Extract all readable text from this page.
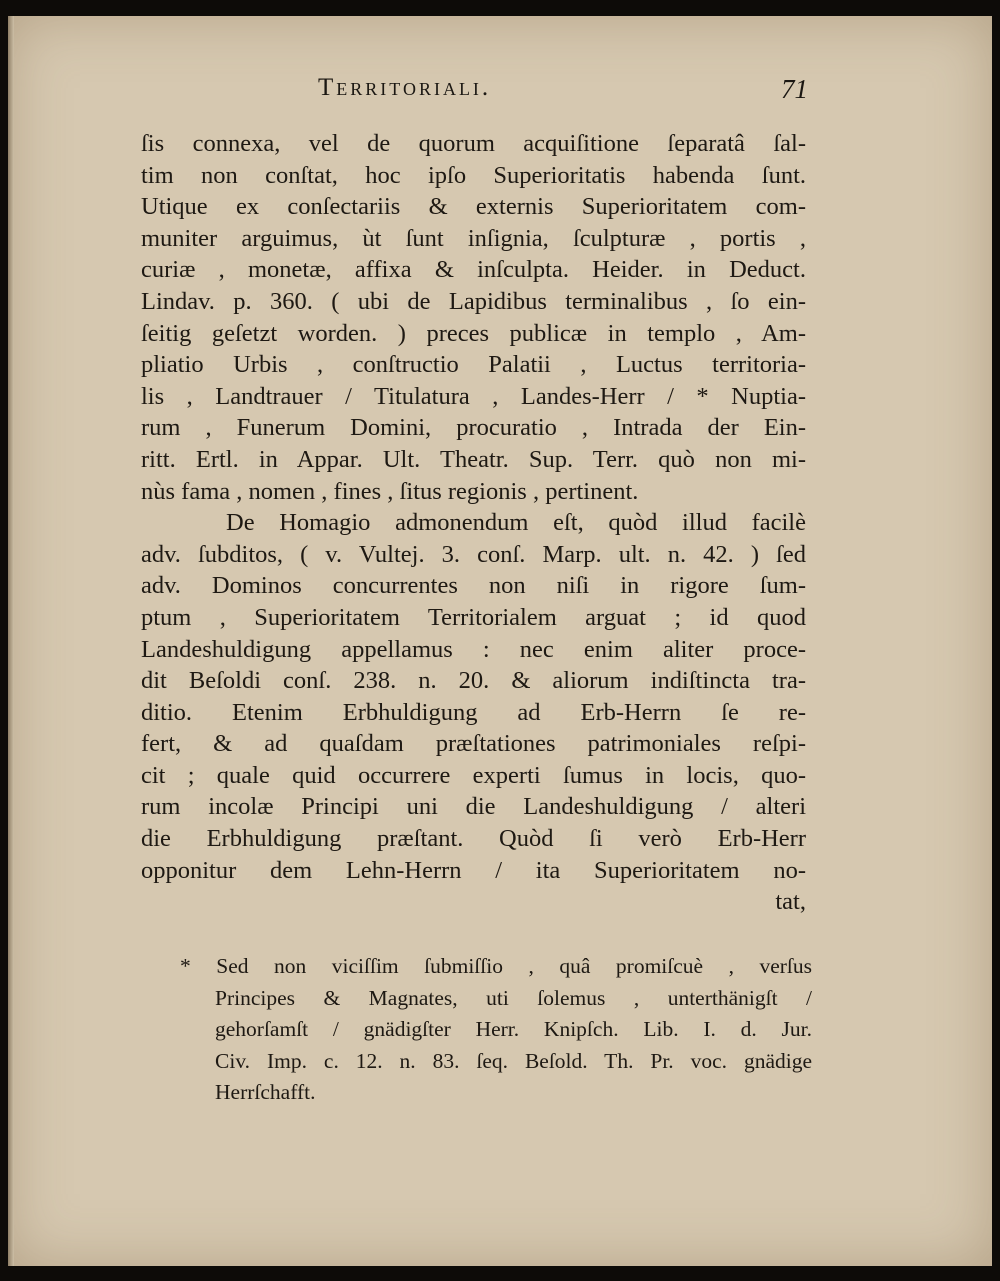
Territoriali.	71
ſis connexa, vel de quorum acquiſitione ſeparatâ ſal-
tim non conſtat, hoc ipſo Superioritatis habenda ſunt.
Utique ex conſectariis & externis Superioritatem com-
muniter arguimus, ùt ſunt inſignia, ſculpturæ , portis ,
curiæ , monetæ, affixa & inſculpta. Heider. in Deduct.
Lindav. p. 360. ( ubi de Lapidibus terminalibus , ſo ein-
ſeitig geſetzt worden. ) preces publicæ in templo , Am-
pliatio Urbis , conſtructio Palatii , Luctus territoria-
lis , Landtrauer / Titulatura , Landes-Herr / * Nuptia-
rum , Funerum Domini, procuratio , Intrada der Ein-
ritt. Ertl. in Appar. Ult. Theatr. Sup. Terr. quò non mi-
nùs fama , nomen , fines , ſitus regionis , pertinent.
De Homagio admonendum eſt, quòd illud facilè
adv. ſubditos, ( v. Vultej. 3. conſ. Marp. ult. n. 42. ) ſed
adv. Dominos concurrentes non niſi in rigore ſum-
ptum , Superioritatem Territorialem arguat ; id quod
Landeshuldigung appellamus : nec enim aliter proce-
dit Beſoldi conſ. 238. n. 20. & aliorum indiſtincta tra-
ditio. Etenim Erbhuldigung ad Erb-Herrn ſe re-
fert, & ad quaſdam præſtationes patrimoniales reſpi-
cit ; quale quid occurrere experti ſumus in locis, quo-
rum incolæ Principi uni die Landeshuldigung / alteri
die Erbhuldigung præſtant. Quòd ſi verò Erb-Herr
opponitur dem Lehn-Herrn / ita Superioritatem no-
tat,
* Sed non viciſſim ſubmiſſio , quâ promiſcuè , verſus
Principes & Magnates, uti ſolemus , unterthänigſt /
gehorſamſt / gnädigſter Herr. Knipſch. Lib. I. d. Jur.
Civ. Imp. c. 12. n. 83. ſeq. Beſold. Th. Pr. voc. gnädige
Herrſchafft.
